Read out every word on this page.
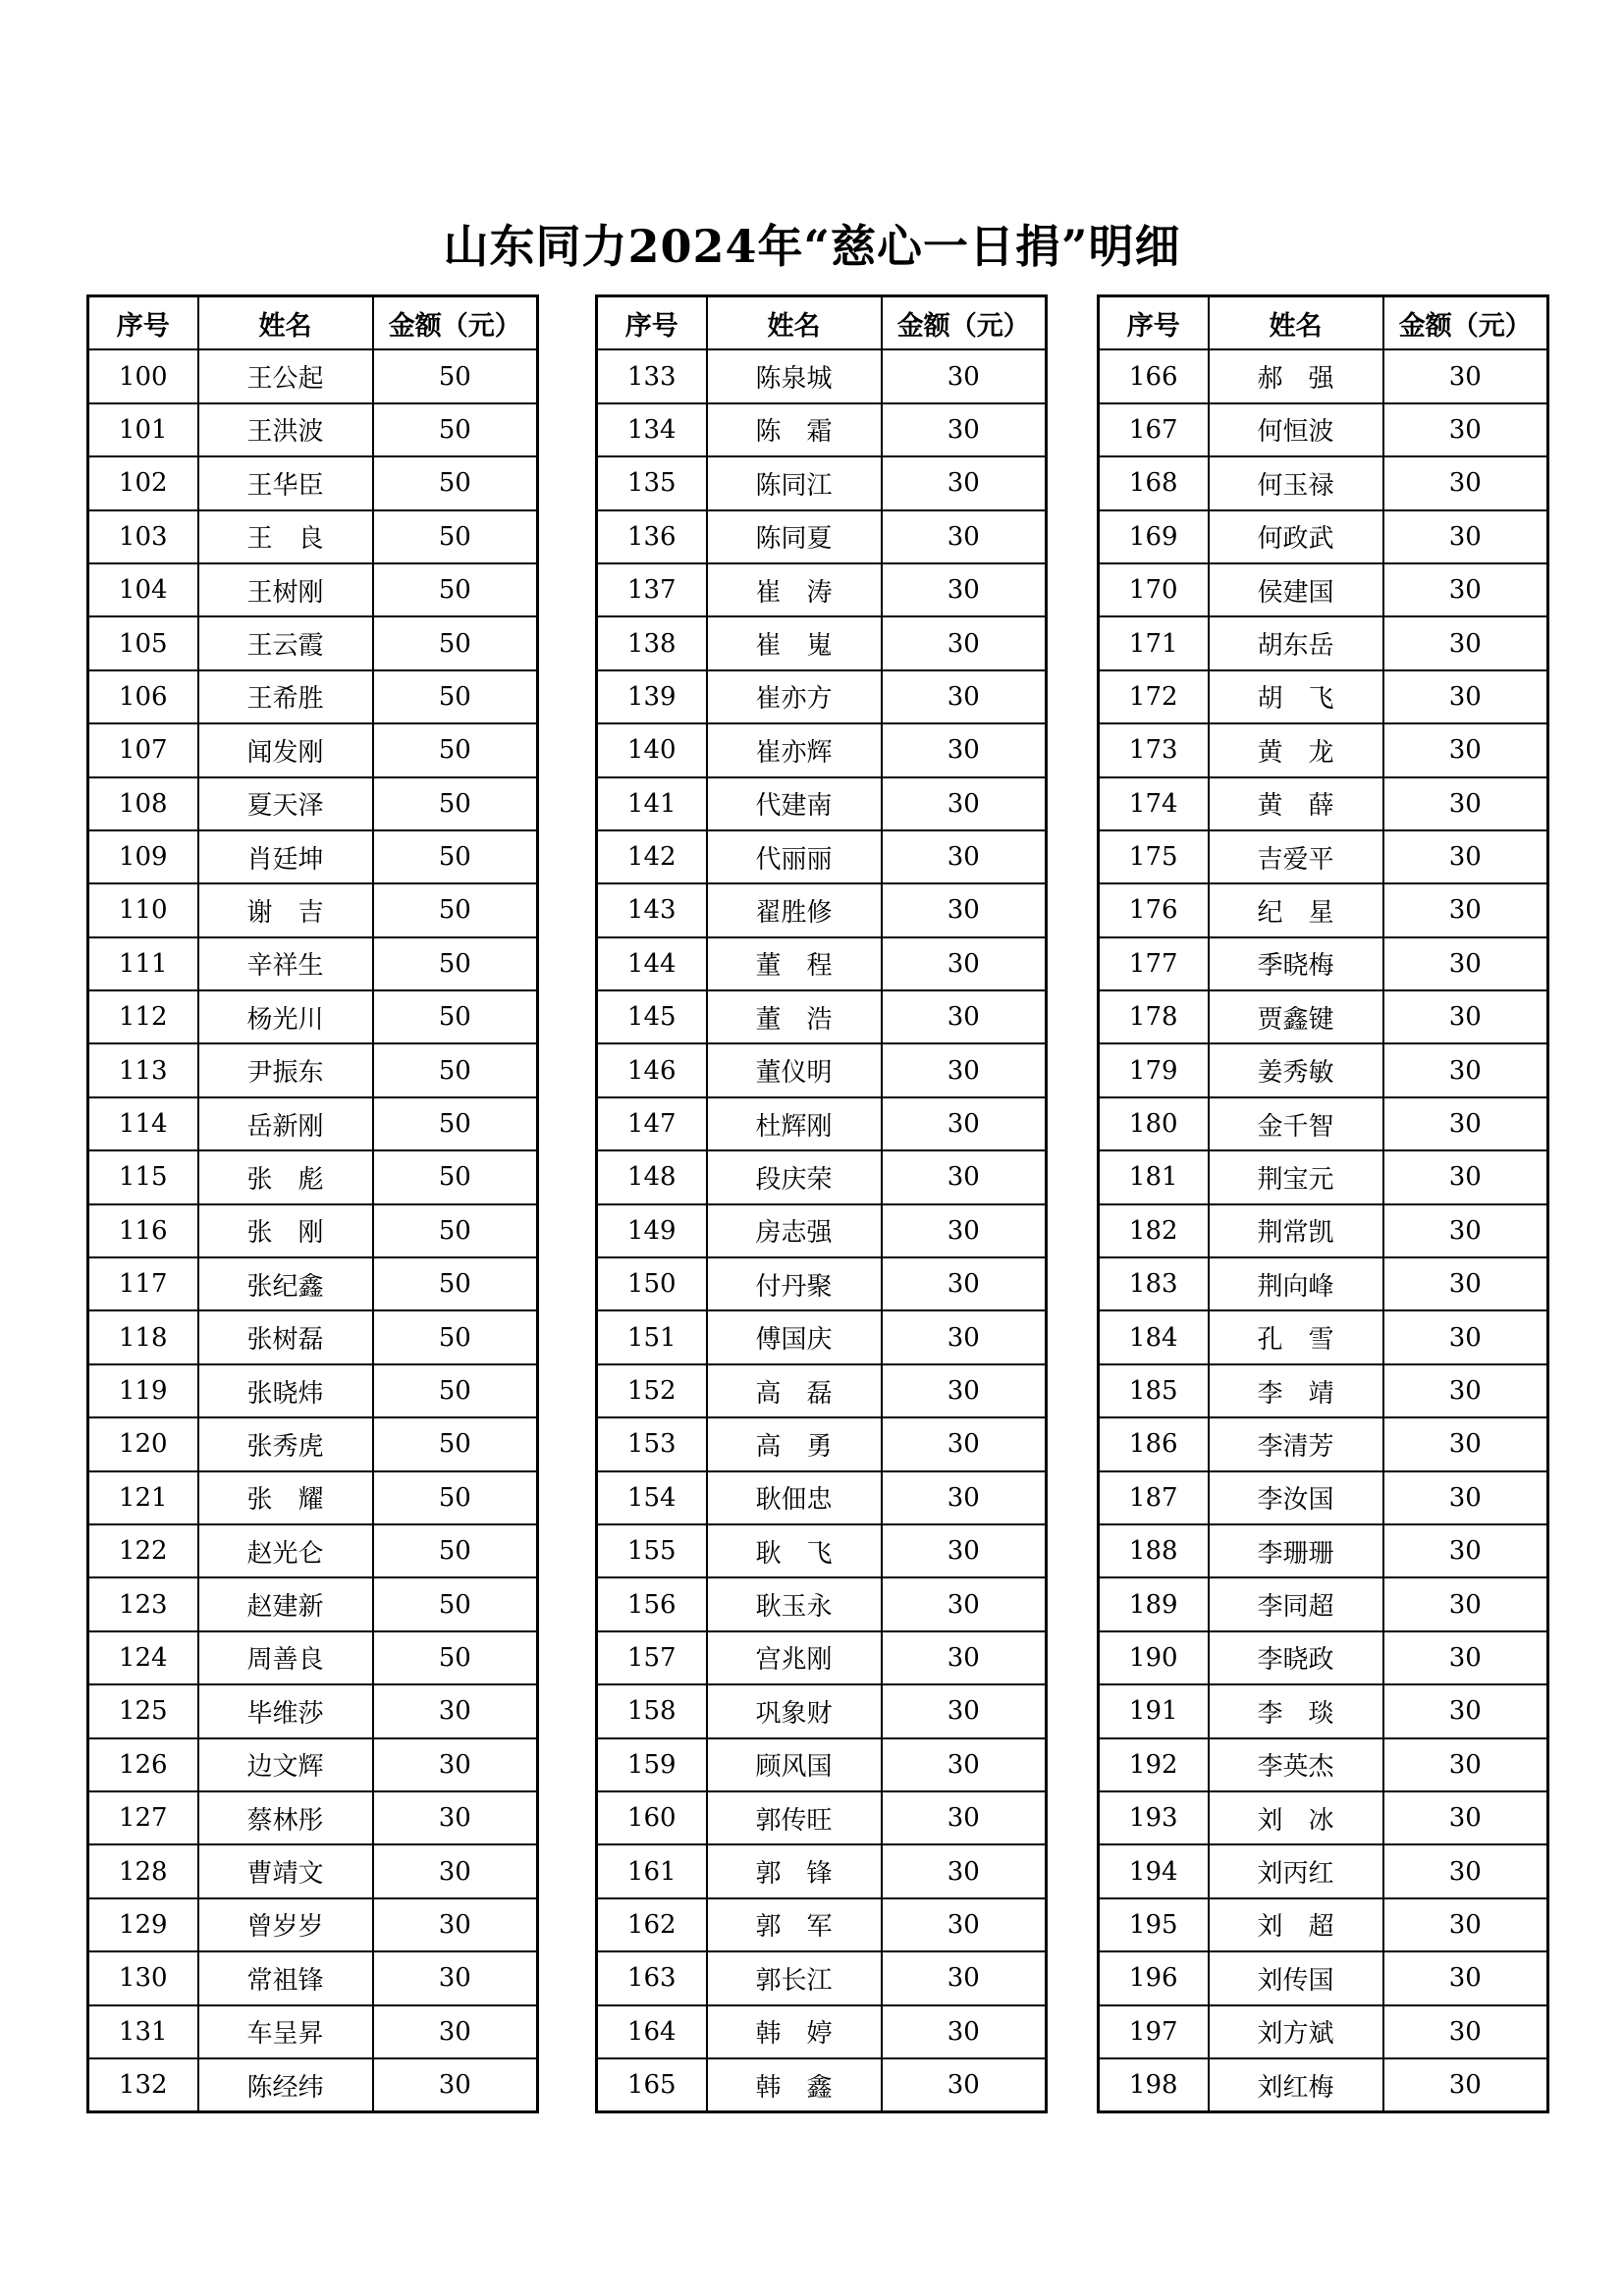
山东同力2024年“慈心一日捐”明细
序号	姓名	金额（元）
100	王公起	50
101	王洪波	50
102	王华臣	50
103	王　良	50
104	王树刚	50
105	王云霞	50
106	王希胜	50
107	闻发刚	50
108	夏天泽	50
109	肖廷坤	50
110	谢　吉	50
111	辛祥生	50
112	杨光川	50
113	尹振东	50
114	岳新刚	50
115	张　彪	50
116	张　刚	50
117	张纪鑫	50
118	张树磊	50
119	张晓炜	50
120	张秀虎	50
121	张　耀	50
122	赵光仑	50
123	赵建新	50
124	周善良	50
125	毕维莎	30
126	边文辉	30
127	蔡林彤	30
128	曹靖文	30
129	曾岁岁	30
130	常祖锋	30
131	车呈昇	30
132	陈经纬	30
序号	姓名	金额（元）
133	陈泉城	30
134	陈　霜	30
135	陈同江	30
136	陈同夏	30
137	崔　涛	30
138	崔　嵬	30
139	崔亦方	30
140	崔亦辉	30
141	代建南	30
142	代丽丽	30
143	翟胜修	30
144	董　程	30
145	董　浩	30
146	董仪明	30
147	杜辉刚	30
148	段庆荣	30
149	房志强	30
150	付丹聚	30
151	傅国庆	30
152	高　磊	30
153	高　勇	30
154	耿佃忠	30
155	耿　飞	30
156	耿玉永	30
157	宫兆刚	30
158	巩象财	30
159	顾风国	30
160	郭传旺	30
161	郭　锋	30
162	郭　军	30
163	郭长江	30
164	韩　婷	30
165	韩　鑫	30
序号	姓名	金额（元）
166	郝　强	30
167	何恒波	30
168	何玉禄	30
169	何政武	30
170	侯建国	30
171	胡东岳	30
172	胡　飞	30
173	黄　龙	30
174	黄　薛	30
175	吉爱平	30
176	纪　星	30
177	季晓梅	30
178	贾鑫键	30
179	姜秀敏	30
180	金千智	30
181	荆宝元	30
182	荆常凯	30
183	荆向峰	30
184	孔　雪	30
185	李　靖	30
186	李清芳	30
187	李汝国	30
188	李珊珊	30
189	李同超	30
190	李晓政	30
191	李　琰	30
192	李英杰	30
193	刘　冰	30
194	刘丙红	30
195	刘　超	30
196	刘传国	30
197	刘方斌	30
198	刘红梅	30
